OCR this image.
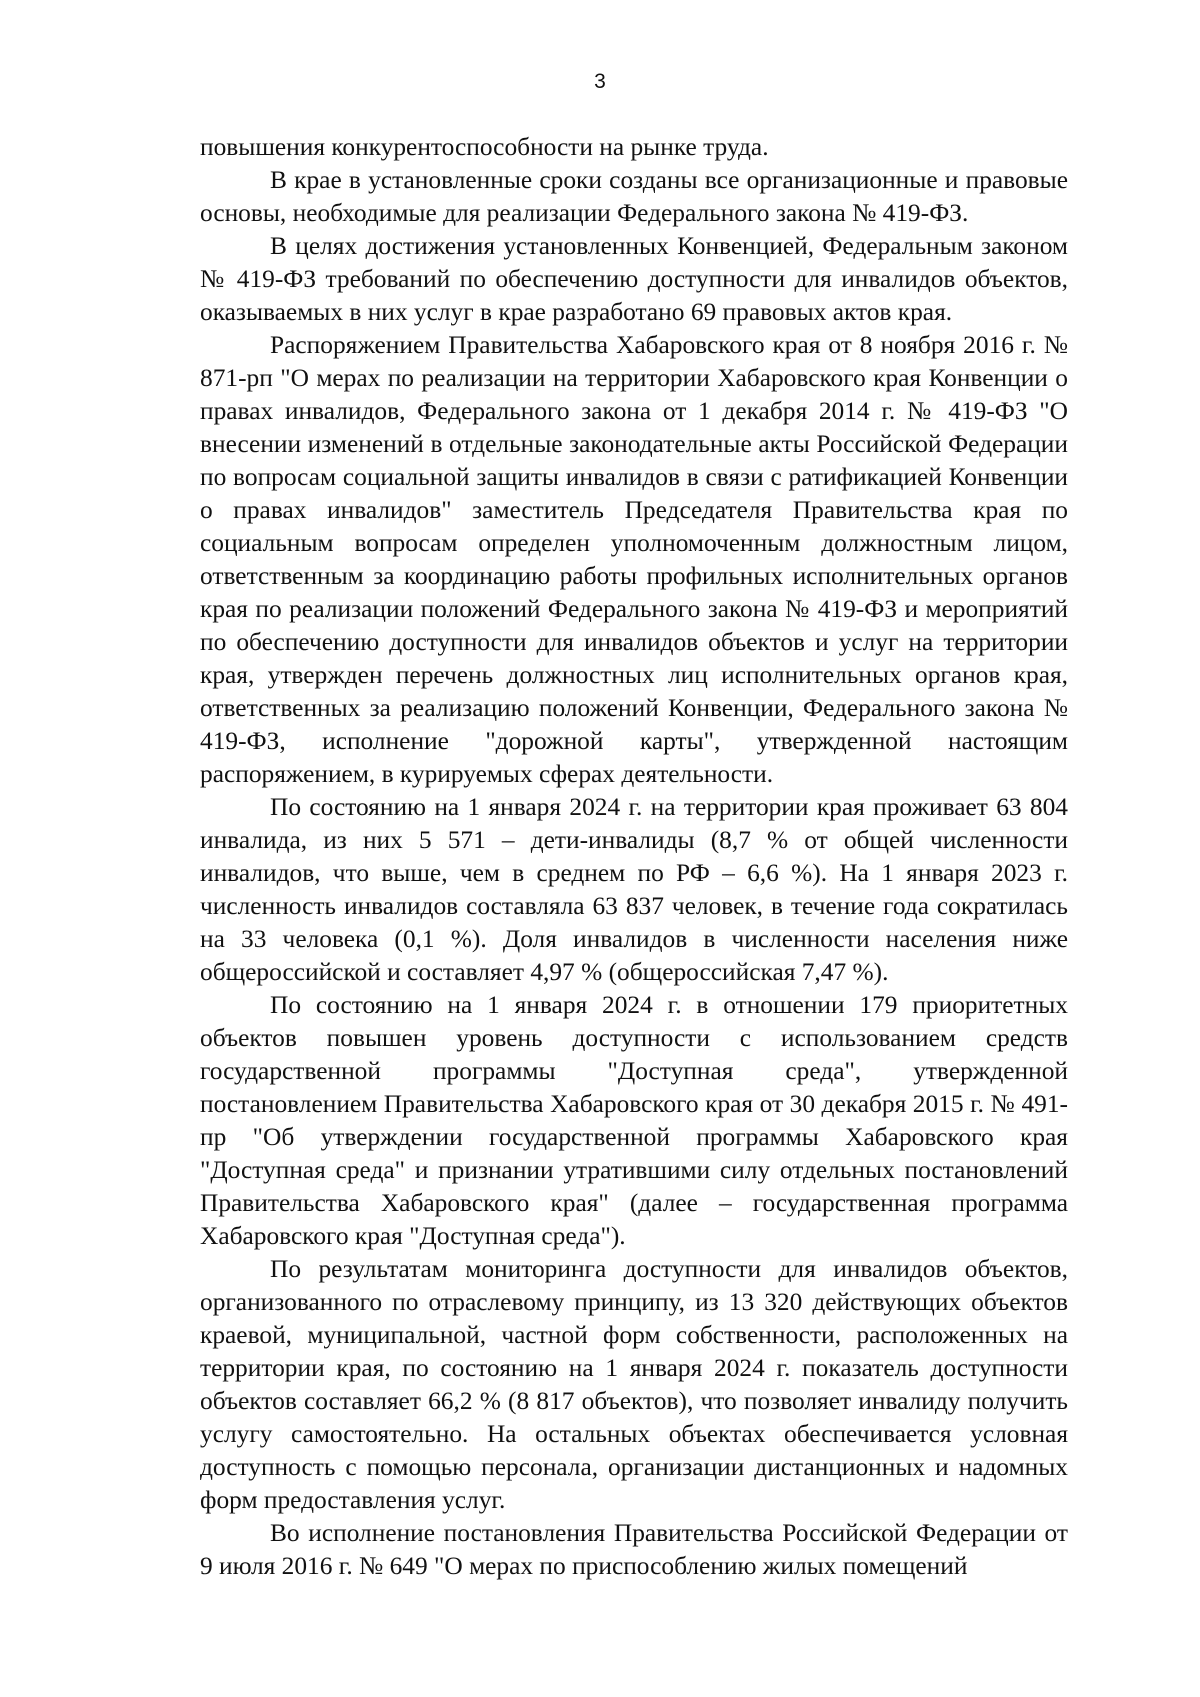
3

повышения конкурентоспособности на рынке труда.

В крае в установленные сроки созданы все организационные и правовые основы, необходимые для реализации Федерального закона № 419-ФЗ.

В целях достижения установленных Конвенцией, Федеральным законом № 419-ФЗ требований по обеспечению доступности для инвалидов объектов, оказываемых в них услуг в крае разработано 69 правовых актов края.

Распоряжением Правительства Хабаровского края от 8 ноября 2016 г. № 871-рп "О мерах по реализации на территории Хабаровского края Конвенции о правах инвалидов, Федерального закона от 1 декабря 2014 г. № 419-ФЗ "О внесении изменений в отдельные законодательные акты Российской Федерации по вопросам социальной защиты инвалидов в связи с ратификацией Конвенции о правах инвалидов" заместитель Председателя Правительства края по социальным вопросам определен уполномоченным должностным лицом, ответственным за координацию работы профильных исполнительных органов края по реализации положений Федерального закона № 419-ФЗ и мероприятий по обеспечению доступности для инвалидов объектов и услуг на территории края, утвержден перечень должностных лиц исполнительных органов края, ответственных за реализацию положений Конвенции, Федерального закона № 419-ФЗ, исполнение "дорожной карты", утвержденной настоящим распоряжением, в курируемых сферах деятельности.

По состоянию на 1 января 2024 г. на территории края проживает 63 804 инвалида, из них 5 571 – дети-инвалиды (8,7 % от общей численности инвалидов, что выше, чем в среднем по РФ – 6,6 %). На 1 января 2023 г. численность инвалидов составляла 63 837 человек, в течение года сократилась на 33 человека (0,1 %). Доля инвалидов в численности населения ниже общероссийской и составляет 4,97 % (общероссийская 7,47 %).

По состоянию на 1 января 2024 г. в отношении 179 приоритетных объектов повышен уровень доступности с использованием средств государственной программы "Доступная среда", утвержденной постановлением Правительства Хабаровского края от 30 декабря 2015 г. № 491-пр "Об утверждении государственной программы Хабаровского края "Доступная среда" и признании утратившими силу отдельных постановлений Правительства Хабаровского края" (далее – государственная программа Хабаровского края "Доступная среда").

По результатам мониторинга доступности для инвалидов объектов, организованного по отраслевому принципу, из 13 320 действующих объектов краевой, муниципальной, частной форм собственности, расположенных на территории края, по состоянию на 1 января 2024 г. показатель доступности объектов составляет 66,2 % (8 817 объектов), что позволяет инвалиду получить услугу самостоятельно. На остальных объектах обеспечивается условная доступность с помощью персонала, организации дистанционных и надомных форм предоставления услуг.

Во исполнение постановления Правительства Российской Федерации от 9 июля 2016 г. № 649 "О мерах по приспособлению жилых помещений
